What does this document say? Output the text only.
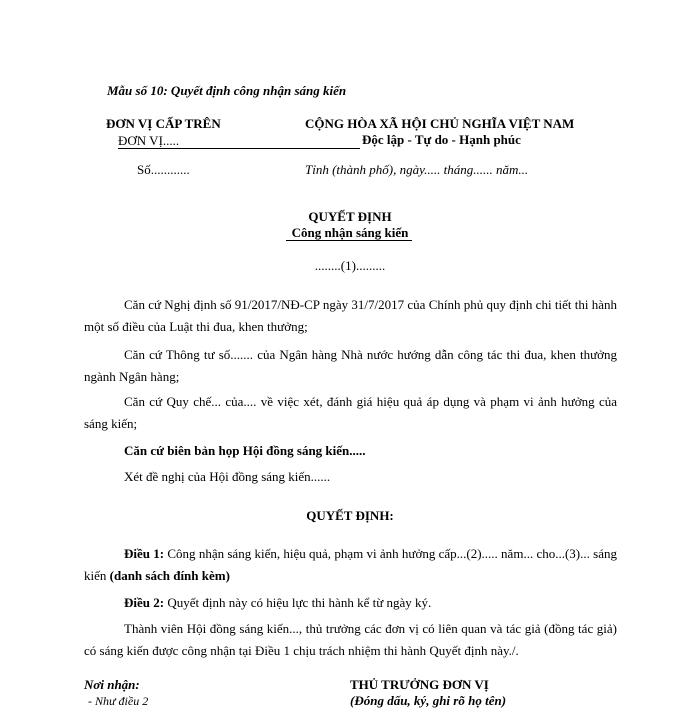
Mẫu số 10: Quyết định công nhận sáng kiến
ĐƠN VỊ CẤP TRÊN
ĐƠN VỊ.....
Số............
CỘNG HÒA XÃ HỘI CHỦ NGHĨA VIỆT NAM
Độc lập - Tự do - Hạnh phúc
Tỉnh (thành phố), ngày..... tháng...... năm...
QUYẾT ĐỊNH
Công nhận sáng kiến
........(1).........
Căn cứ Nghị định số 91/2017/NĐ-CP ngày 31/7/2017 của Chính phủ quy định chi tiết thi hành một số điều của Luật thi đua, khen thưởng;
Căn cứ Thông tư số....... của Ngân hàng Nhà nước hướng dẫn công tác thi đua, khen thưởng ngành Ngân hàng;
Căn cứ Quy chế... của.... về việc xét, đánh giá hiệu quả áp dụng và phạm vi ảnh hưởng của sáng kiến;
Căn cứ biên bản họp Hội đồng sáng kiến.....
Xét đề nghị của Hội đồng sáng kiến......
QUYẾT ĐỊNH:
Điều 1: Công nhận sáng kiến, hiệu quả, phạm vi ảnh hưởng cấp...(2)..... năm... cho...(3)... sáng kiến (danh sách đính kèm)
Điều 2: Quyết định này có hiệu lực thi hành kể từ ngày ký.
Thành viên Hội đồng sáng kiến..., thủ trưởng các đơn vị có liên quan và tác giả (đồng tác giả) có sáng kiến được công nhận tại Điều 1 chịu trách nhiệm thi hành Quyết định này./.
Nơi nhận:
- Như điều 2
THỦ TRƯỞNG ĐƠN VỊ
(Đóng dấu, ký, ghi rõ họ tên)
